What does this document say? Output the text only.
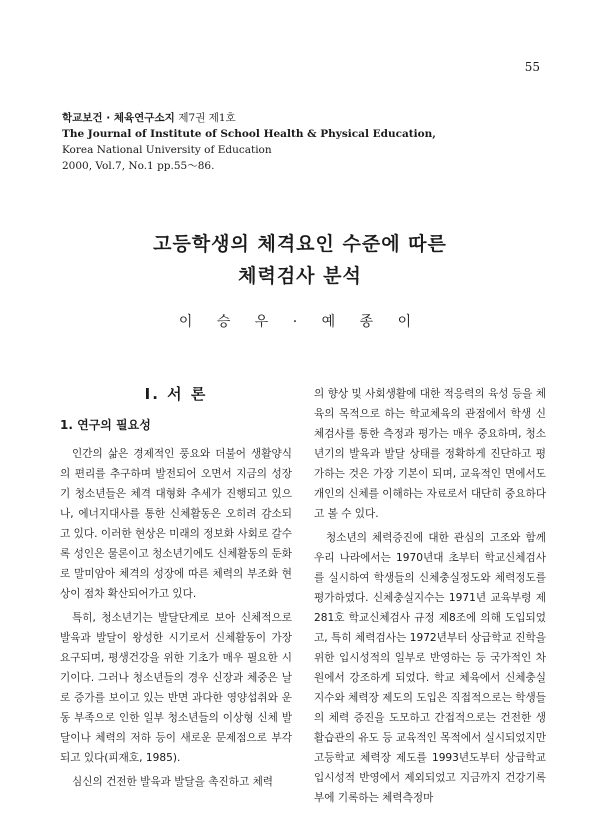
55
학교보건 · 체육연구소지 제7권 제1호
The Journal of Institute of School Health & Physical Education,
Korea National University of Education
2000, Vol.7, No.1 pp.55～86.
고등학생의 체격요인 수준에 따른
체력검사 분석
이 승 우 · 예 종 이
Ⅰ. 서 론
1. 연구의 필요성

인간의 삶은 경제적인 풍요와 더불어 생활양식의 편리를 추구하며 발전되어 오면서 지금의 성장기 청소년들은 체격 대형화 추세가 진행되고 있으나, 에너지대사를 통한 신체활동은 오히려 감소되고 있다. 이러한 현상은 미래의 정보화 사회로 갈수록 성인은 물론이고 청소년기에도 신체활동의 둔화로 말미암아 체격의 성장에 따른 체력의 부조화 현상이 점차 확산되어가고 있다.

특히, 청소년기는 발달단계로 보아 신체적으로 발육과 발달이 왕성한 시기로서 신체활동이 가장 요구되며, 평생건강을 위한 기초가 매우 필요한 시기이다. 그러나 청소년들의 경우 신장과 체중은 날로 증가를 보이고 있는 반면 과다한 영양섭취와 운동 부족으로 인한 일부 청소년들의 이상형 신체 발달이나 체력의 저하 등이 새로운 문제점으로 부각되고 있다(피재호, 1985).

심신의 건전한 발육과 발달을 촉진하고 체력

의 향상 및 사회생활에 대한 적응력의 육성 등을 체육의 목적으로 하는 학교체육의 관점에서 학생 신체검사를 통한 측정과 평가는 매우 중요하며, 청소년기의 발육과 발달 상태를 정확하게 진단하고 평가하는 것은 가장 기본이 되며, 교육적인 면에서도 개인의 신체를 이해하는 자료로서 대단히 중요하다고 볼 수 있다.

청소년의 체력증진에 대한 관심의 고조와 함께 우리 나라에서는 1970년대 초부터 학교신체검사를 실시하여 학생들의 신체충실정도와 체력정도를 평가하였다. 신체충실지수는 1971년 교육부령 제281호 학교신체검사 규정 제8조에 의해 도입되었고, 특히 체력검사는 1972년부터 상급학교 진학을 위한 입시성적의 일부로 반영하는 등 국가적인 차원에서 강조하게 되었다. 학교 체육에서 신체충실지수와 체력장 제도의 도입은 직접적으로는 학생들의 체력 증진을 도모하고 간접적으로는 건전한 생활습관의 유도 등 교육적인 목적에서 실시되었지만 고등학교 체력장 제도를 1993년도부터 상급학교 입시성적 반영에서 제외되었고 지금까지 건강기록부에 기록하는 체력측정마
